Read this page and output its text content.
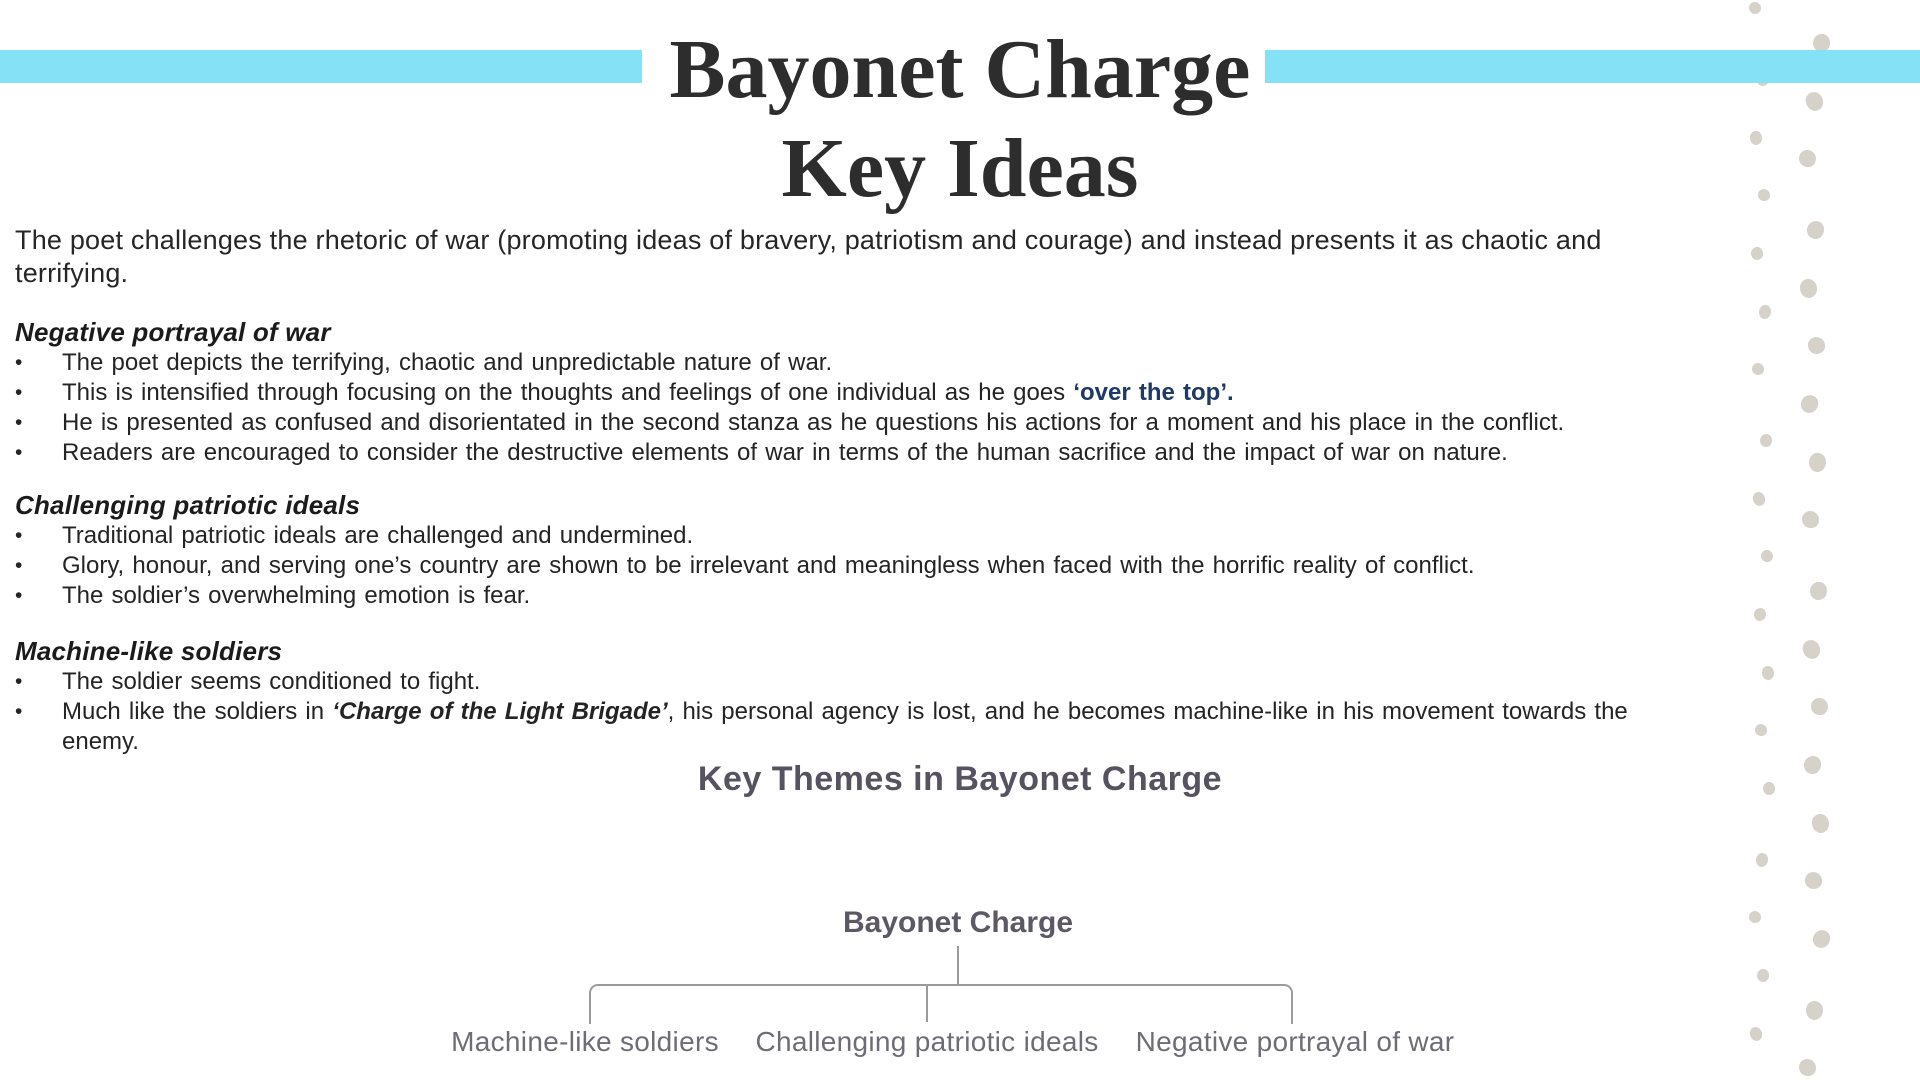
Bayonet Charge
Key Ideas

The poet challenges the rhetoric of war (promoting ideas of bravery, patriotism and courage) and instead presents it as chaotic and terrifying.

Negative portrayal of war
•	The poet depicts the terrifying, chaotic and unpredictable nature of war.
•	This is intensified through focusing on the thoughts and feelings of one individual as he goes ‘over the top’.
•	He is presented as confused and disorientated in the second stanza as he questions his actions for a moment and his place in the conflict.
•	Readers are encouraged to consider the destructive elements of war in terms of the human sacrifice and the impact of war on nature.
Challenging patriotic ideals
•	Traditional patriotic ideals are challenged and undermined.
•	Glory, honour, and serving one’s country are shown to be irrelevant and meaningless when faced with the horrific reality of conflict.
•	The soldier’s overwhelming emotion is fear.
Machine-like soldiers
•	The soldier seems conditioned to fight.
•	Much like the soldiers in ‘Charge of the Light Brigade’, his personal agency is lost, and he becomes machine-like in his movement towards the enemy.
Key Themes in Bayonet Charge
Bayonet Charge
Machine-like soldiers Challenging patriotic ideals Negative portrayal of war
